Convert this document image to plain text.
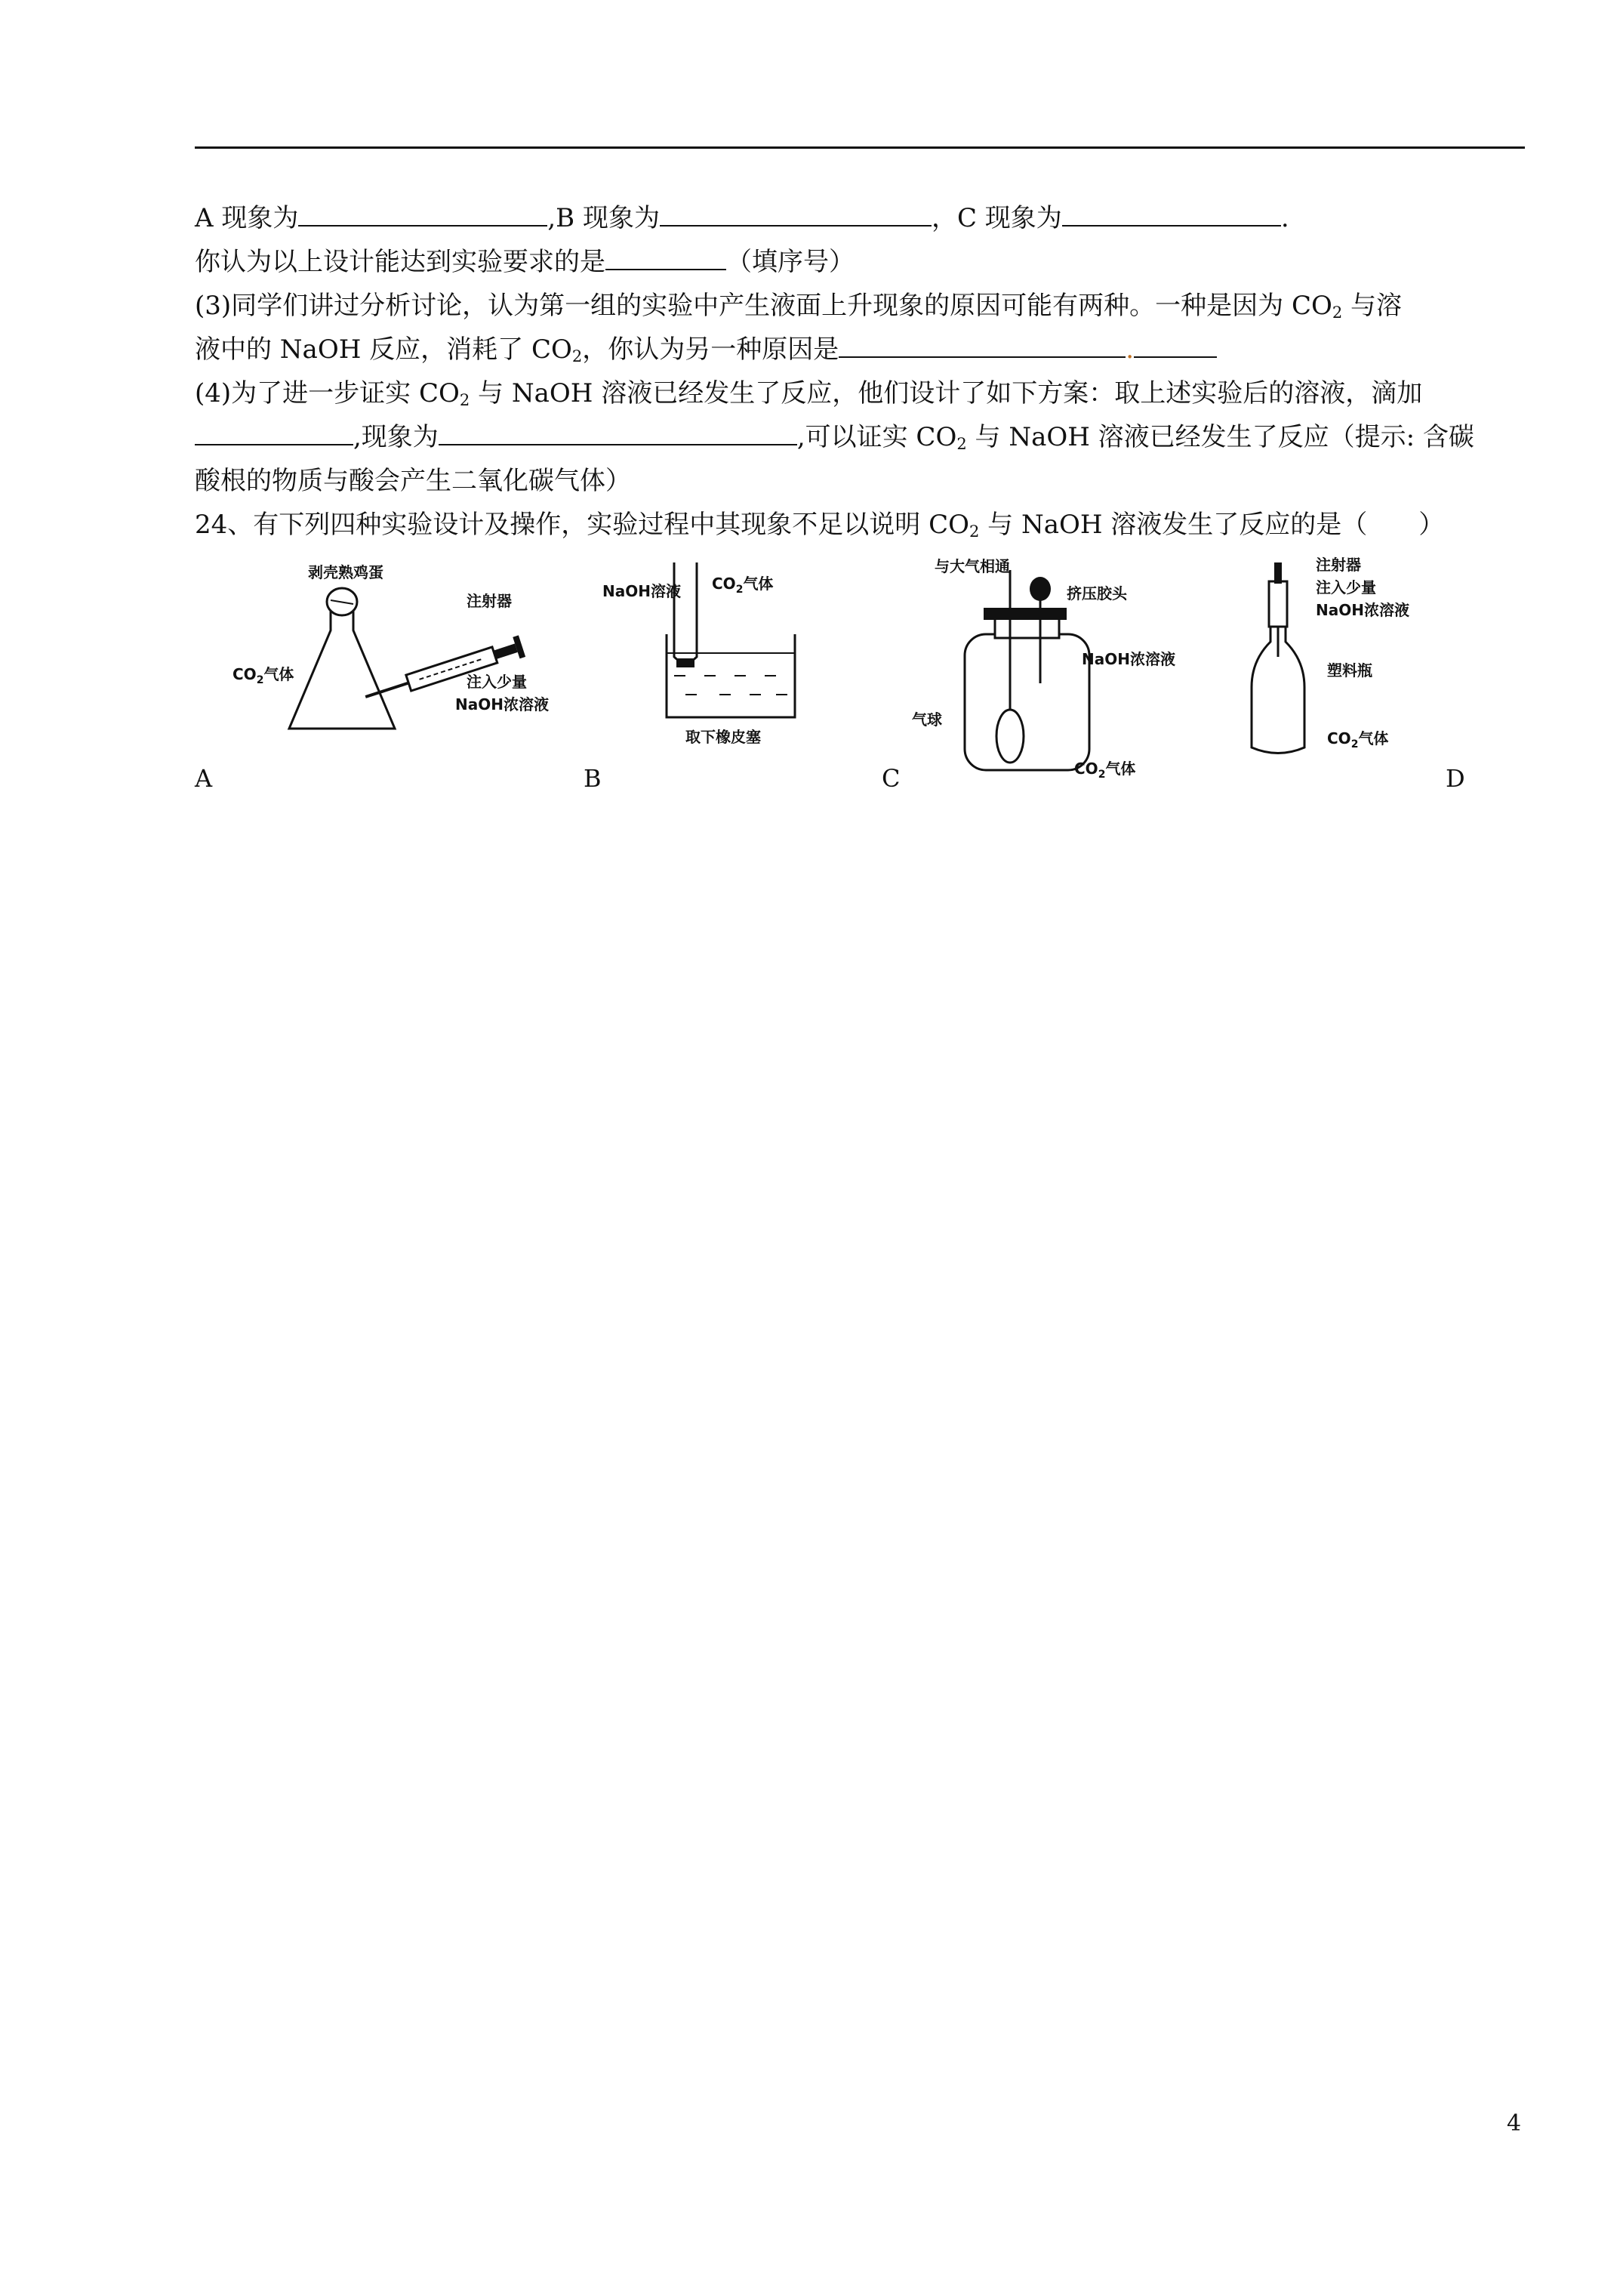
A 现象为	,B 现象为	，C 现象为	.
你认为以上设计能达到实验要求的是	（填序号）
(3)同学们讲过分析讨论，认为第一组的实验中产生液面上升现象的原因可能有两种。一种是因为 $CO_2$ 与溶
液中的 NaOH 反应，消耗了 $CO_2$，你认为另一种原因是	.
(4)为了进一步证实 $CO_2$ 与 NaOH 溶液已经发生了反应，他们设计了如下方案：取上述实验后的溶液，滴加
,现象为	,可以证实 $CO_2$ 与 NaOH 溶液已经发生了反应（提示: 含碳
酸根的物质与酸会产生二氧化碳气体）
24、有下列四种实验设计及操作，实验过程中其现象不足以说明 $CO_2$ 与 NaOH 溶液发生了反应的是（　　）
剥壳熟鸡蛋
注射器
$CO_2$气体	注入少量
NaOH浓溶液
NaOH溶液 $CO_2$气体
取下橡皮塞
与大气相通
挤压胶头
NaOH浓溶液
气球
$CO_2$气体
注射器
注入少量
NaOH浓溶液
塑料瓶
$CO_2$气体
A	B	C	D
4
